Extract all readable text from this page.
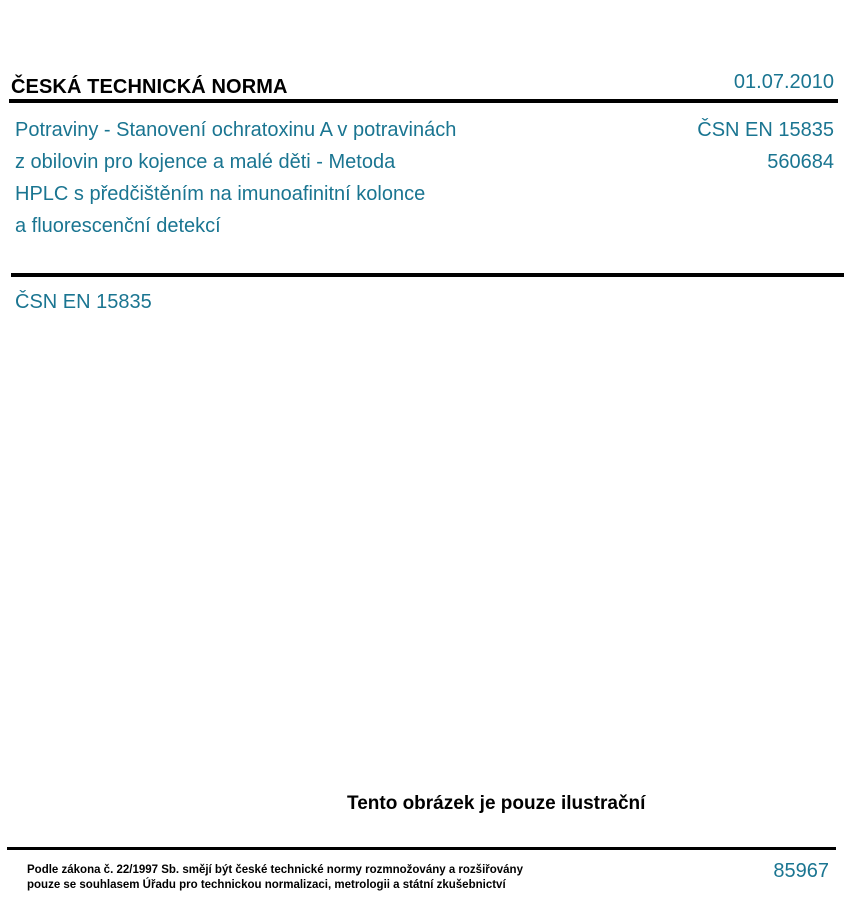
ČESKÁ TECHNICKÁ NORMA	01.07.2010
Potraviny - Stanovení ochratoxinu A v potravinách
z obilovin pro kojence a malé děti - Metoda
HPLC s předčištěním na imunoafinitní kolonce
a fluorescenční detekcí
ČSN EN 15835
560684
ČSN EN 15835
Tento obrázek je pouze ilustrační
Podle zákona č. 22/1997 Sb. smějí být české technické normy rozmnožovány a rozšiřovány
pouze se souhlasem Úřadu pro technickou normalizaci, metrologii a státní zkušebnictví
85967
